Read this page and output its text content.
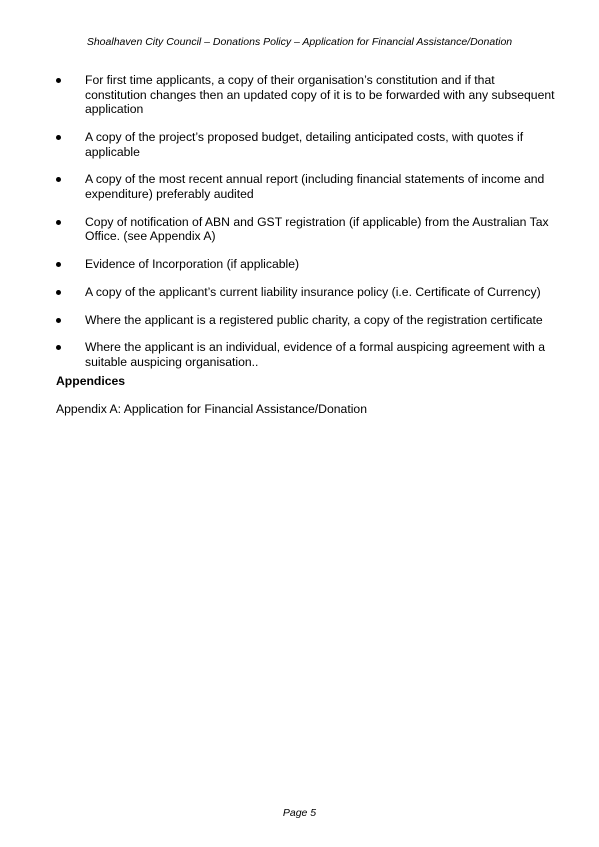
Shoalhaven City Council – Donations Policy – Application for Financial Assistance/Donation
For first time applicants, a copy of their organisation’s constitution and if that constitution changes then an updated copy of it is to be forwarded with any subsequent application
A copy of the project’s proposed budget, detailing anticipated costs, with quotes if applicable
A copy of the most recent annual report (including financial statements of income and expenditure) preferably audited
Copy of notification of ABN and GST registration (if applicable) from the Australian Tax Office. (see Appendix A)
Evidence of Incorporation (if applicable)
A copy of the applicant’s current liability insurance policy (i.e. Certificate of Currency)
Where the applicant is a registered public charity, a copy of the registration certificate
Where the applicant is an individual, evidence of a formal auspicing agreement with a suitable auspicing organisation..
Appendices

Appendix A: Application for Financial Assistance/Donation

Page 5
